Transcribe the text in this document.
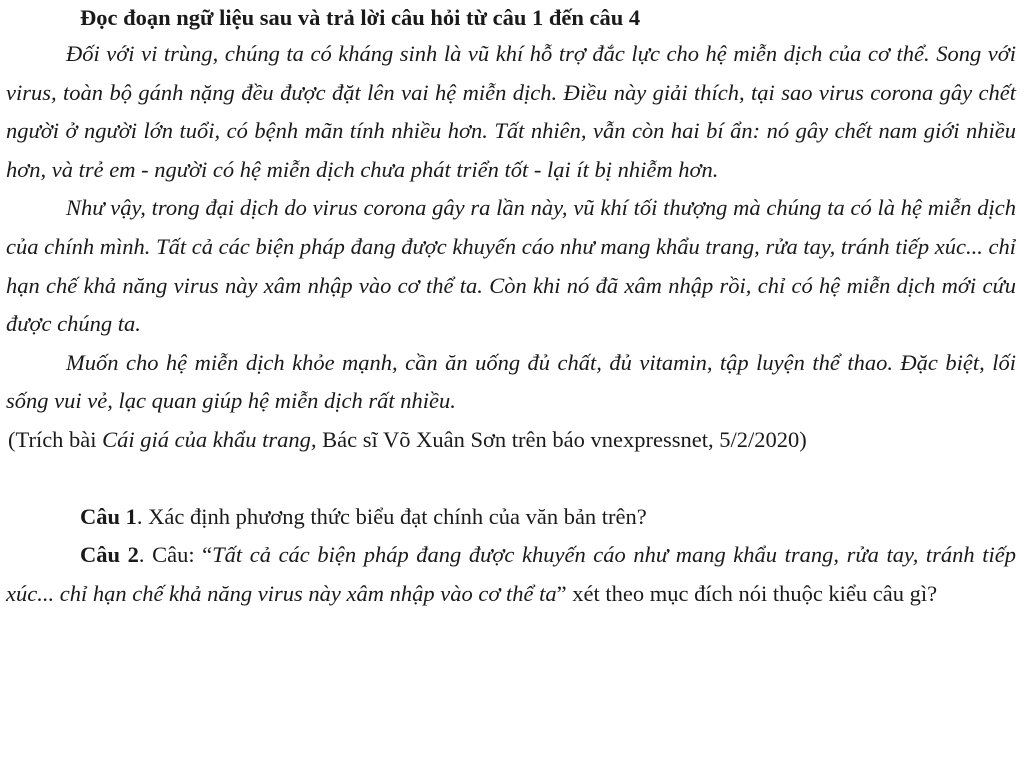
Đọc đoạn ngữ liệu sau và trả lời câu hỏi từ câu 1 đến câu 4

Đối với vi trùng, chúng ta có kháng sinh là vũ khí hỗ trợ đắc lực cho hệ miễn dịch của cơ thể. Song với virus, toàn bộ gánh nặng đều được đặt lên vai hệ miễn dịch. Điều này giải thích, tại sao virus corona gây chết người ở người lớn tuổi, có bệnh mãn tính nhiều hơn. Tất nhiên, vẫn còn hai bí ẩn: nó gây chết nam giới nhiều hơn, và trẻ em - người có hệ miễn dịch chưa phát triển tốt - lại ít bị nhiễm hơn.

Như vậy, trong đại dịch do virus corona gây ra lần này, vũ khí tối thượng mà chúng ta có là hệ miễn dịch của chính mình. Tất cả các biện pháp đang được khuyến cáo như mang khẩu trang, rửa tay, tránh tiếp xúc... chỉ hạn chế khả năng virus này xâm nhập vào cơ thể ta. Còn khi nó đã xâm nhập rồi, chỉ có hệ miễn dịch mới cứu được chúng ta.

Muốn cho hệ miễn dịch khỏe mạnh, cần ăn uống đủ chất, đủ vitamin, tập luyện thể thao. Đặc biệt, lối sống vui vẻ, lạc quan giúp hệ miễn dịch rất nhiều.

(Trích bài Cái giá của khẩu trang, Bác sĩ Võ Xuân Sơn trên báo vnexpressnet, 5/2/2020)

Câu 1. Xác định phương thức biểu đạt chính của văn bản trên?

Câu 2. Câu: “Tất cả các biện pháp đang được khuyến cáo như mang khẩu trang, rửa tay, tránh tiếp xúc... chỉ hạn chế khả năng virus này xâm nhập vào cơ thể ta” xét theo mục đích nói thuộc kiểu câu gì?
